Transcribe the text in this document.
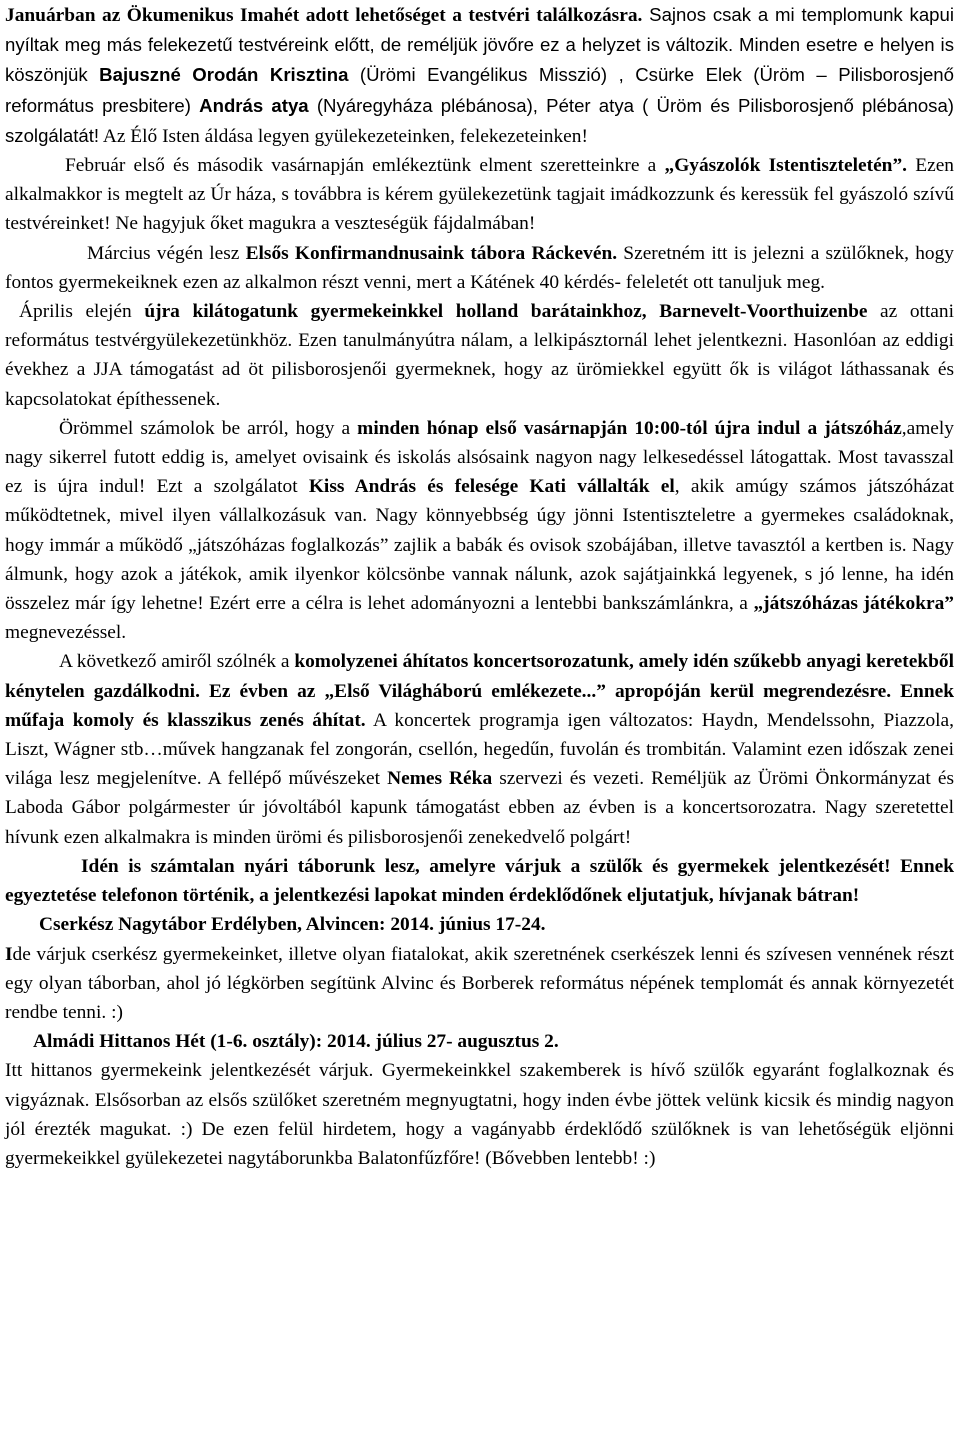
Januárban az Ökumenikus Imahét adott lehetőséget a testvéri találkozásra. Sajnos csak a mi templomunk kapui nyíltak meg más felekezetű testvéreink előtt, de reméljük jövőre ez a helyzet is változik. Minden esetre e helyen is köszönjük Bajuszné Orodán Krisztina (Ürömi Evangélikus Misszió) , Csürke Elek (Üröm – Pilisborosjenő református presbitere) András atya (Nyáregyháza plébánosa), Péter atya ( Üröm és Pilisborosjenő plébánosa) szolgálatát! Az Élő Isten áldása legyen gyülekezeteinken, felekezeteinken!

Február első és második vasárnapján emlékeztünk elment szeretteinkre a „Gyászolók Istentiszteletén”. Ezen alkalmakkor is megtelt az Úr háza, s továbbra is kérem gyülekezetünk tagjait imádkozzunk és keressük fel gyászoló szívű testvéreinket! Ne hagyjuk őket magukra a veszteségük fájdalmában!

Március végén lesz Elsős Konfirmandnusaink tábora Ráckevén. Szeretném itt is jelezni a szülőknek, hogy fontos gyermekeiknek ezen az alkalmon részt venni, mert a Kátének 40 kérdés- feleletét ott tanuljuk meg.

Április elején újra kilátogatunk gyermekeinkkel holland barátainkhoz, Barnevelt-Voorthuizenbe az ottani református testvérgyülekezetünkhöz. Ezen tanulmányútra nálam, a lelkipásztornál lehet jelentkezni. Hasonlóan az eddigi évekhez a JJA támogatást ad öt pilisborosjenői gyermeknek, hogy az ürömiekkel együtt ők is világot láthassanak és kapcsolatokat építhessenek.

Örömmel számolok be arról, hogy a minden hónap első vasárnapján 10:00-tól újra indul a játszóház,amely nagy sikerrel futott eddig is, amelyet ovisaink és iskolás alsósaink nagyon nagy lelkesedéssel látogattak. Most tavasszal ez is újra indul! Ezt a szolgálatot Kiss András és felesége Kati vállalták el, akik amúgy számos játszóházat működtetnek, mivel ilyen vállalkozásuk van. Nagy könnyebbség úgy jönni Istentiszteletre a gyermekes családoknak, hogy immár a működő „játszóházas foglalkozás” zajlik a babák és ovisok szobájában, illetve tavasztól a kertben is. Nagy álmunk, hogy azok a játékok, amik ilyenkor kölcsönbe vannak nálunk, azok sajátjainkká legyenek, s jó lenne, ha idén összelez már így lehetne! Ezért erre a célra is lehet adományozni a lentebbi bankszámlánkra, a „játszóházas játékokra” megnevezéssel.

A következő amiről szólnék a komolyzenei áhítatos koncertsorozatunk, amely idén szűkebb anyagi keretekből kénytelen gazdálkodni. Ez évben az „Első Világháború emlékezete...” apropóján kerül megrendezésre. Ennek műfaja komoly és klasszikus zenés áhítat. A koncertek programja igen változatos: Haydn, Mendelssohn, Piazzola, Liszt, Wágner stb…művek hangzanak fel zongorán, csellón, hegedűn, fuvolán és trombitán. Valamint ezen időszak zenei világa lesz megjelenítve. A fellépő művészeket Nemes Réka szervezi és vezeti. Reméljük az Ürömi Önkormányzat és Laboda Gábor polgármester úr jóvoltából kapunk támogatást ebben az évben is a koncertsorozatra. Nagy szeretettel hívunk ezen alkalmakra is minden ürömi és pilisborosjenői zenekedvelő polgárt!

Idén is számtalan nyári táborunk lesz, amelyre várjuk a szülők és gyermekek jelentkezését! Ennek egyeztetése telefonon történik, a jelentkezési lapokat minden érdeklődőnek eljutatjuk, hívjanak bátran!

Cserkész Nagytábor Erdélyben, Alvincen: 2014. június 17-24.

Ide várjuk cserkész gyermekeinket, illetve olyan fiatalokat, akik szeretnének cserkészek lenni és szívesen vennének részt egy olyan táborban, ahol jó légkörben segítünk Alvinc és Borberek református népének templomát és annak környezetét rendbe tenni. :)

Almádi Hittanos Hét (1-6. osztály): 2014. július 27- augusztus 2.

Itt hittanos gyermekeink jelentkezését várjuk. Gyermekeinkkel szakemberek is hívő szülők egyaránt foglalkoznak és vigyáznak. Elsősorban az elsős szülőket szeretném megnyugtatni, hogy inden évbe jöttek velünk kicsik és mindig nagyon jól érezték magukat. :) De ezen felül hirdetem, hogy a vagányabb érdeklődő szülőknek is van lehetőségük eljönni gyermekeikkel gyülekezetei nagytáborunkba Balatonfűzfőre! (Bővebben lentebb! :)
